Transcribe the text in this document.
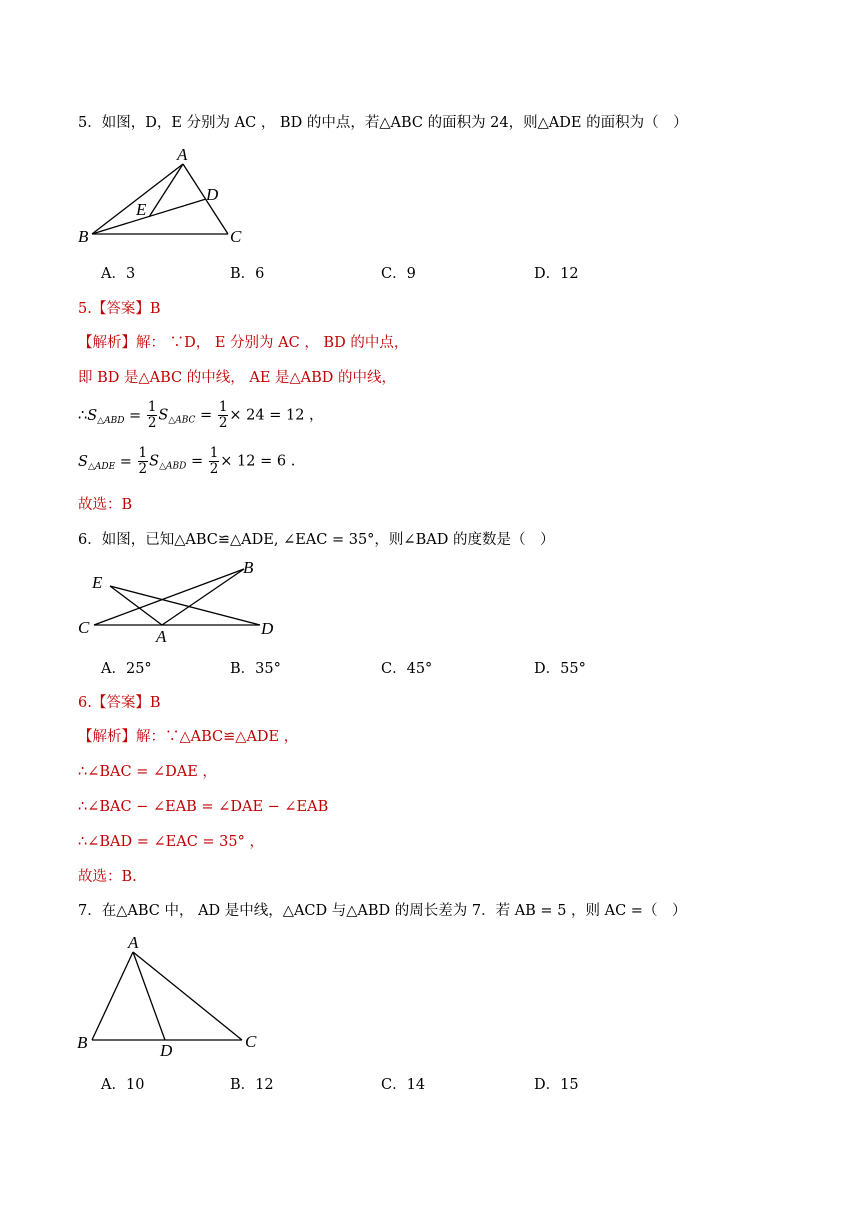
5．如图，D，E 分别为 AC ， BD 的中点，若△ABC 的面积为 24，则△ADE 的面积为（　）
A
D
E
B	C
A．3	B．6	C．9	D．12
5.【答案】B
【解析】解： ∵D， E 分别为 AC ， BD 的中点，
即 BD 是△ABC 的中线， AE 是△ABD 的中线，
$\therefore S_{\triangle ABD} = \frac{1}{2} S_{\triangle ABC} = \frac{1}{2} \times 24 = 12$ ，
$S_{\triangle ADE} = \frac{1}{2} S_{\triangle ABD} = \frac{1}{2} \times 12 = 6$ .
故选：B
6．如图，已知△ABC≌△ADE, ∠EAC = 35°，则∠BAD 的度数是（　）
E
B
C	A	D
A．25°	B．35°	C．45°	D．55°
6.【答案】B
【解析】解：∵△ABC≌△ADE ，
∴∠BAC = ∠DAE ，
∴∠BAC − ∠EAB = ∠DAE − ∠EAB
∴∠BAD = ∠EAC = 35° ，
故选：B.
7．在△ABC 中， AD 是中线，△ACD 与△ABD 的周长差为 7．若 AB = 5 ，则 AC =（　）
A
B	D	C
A．10	B．12	C．14	D．15
